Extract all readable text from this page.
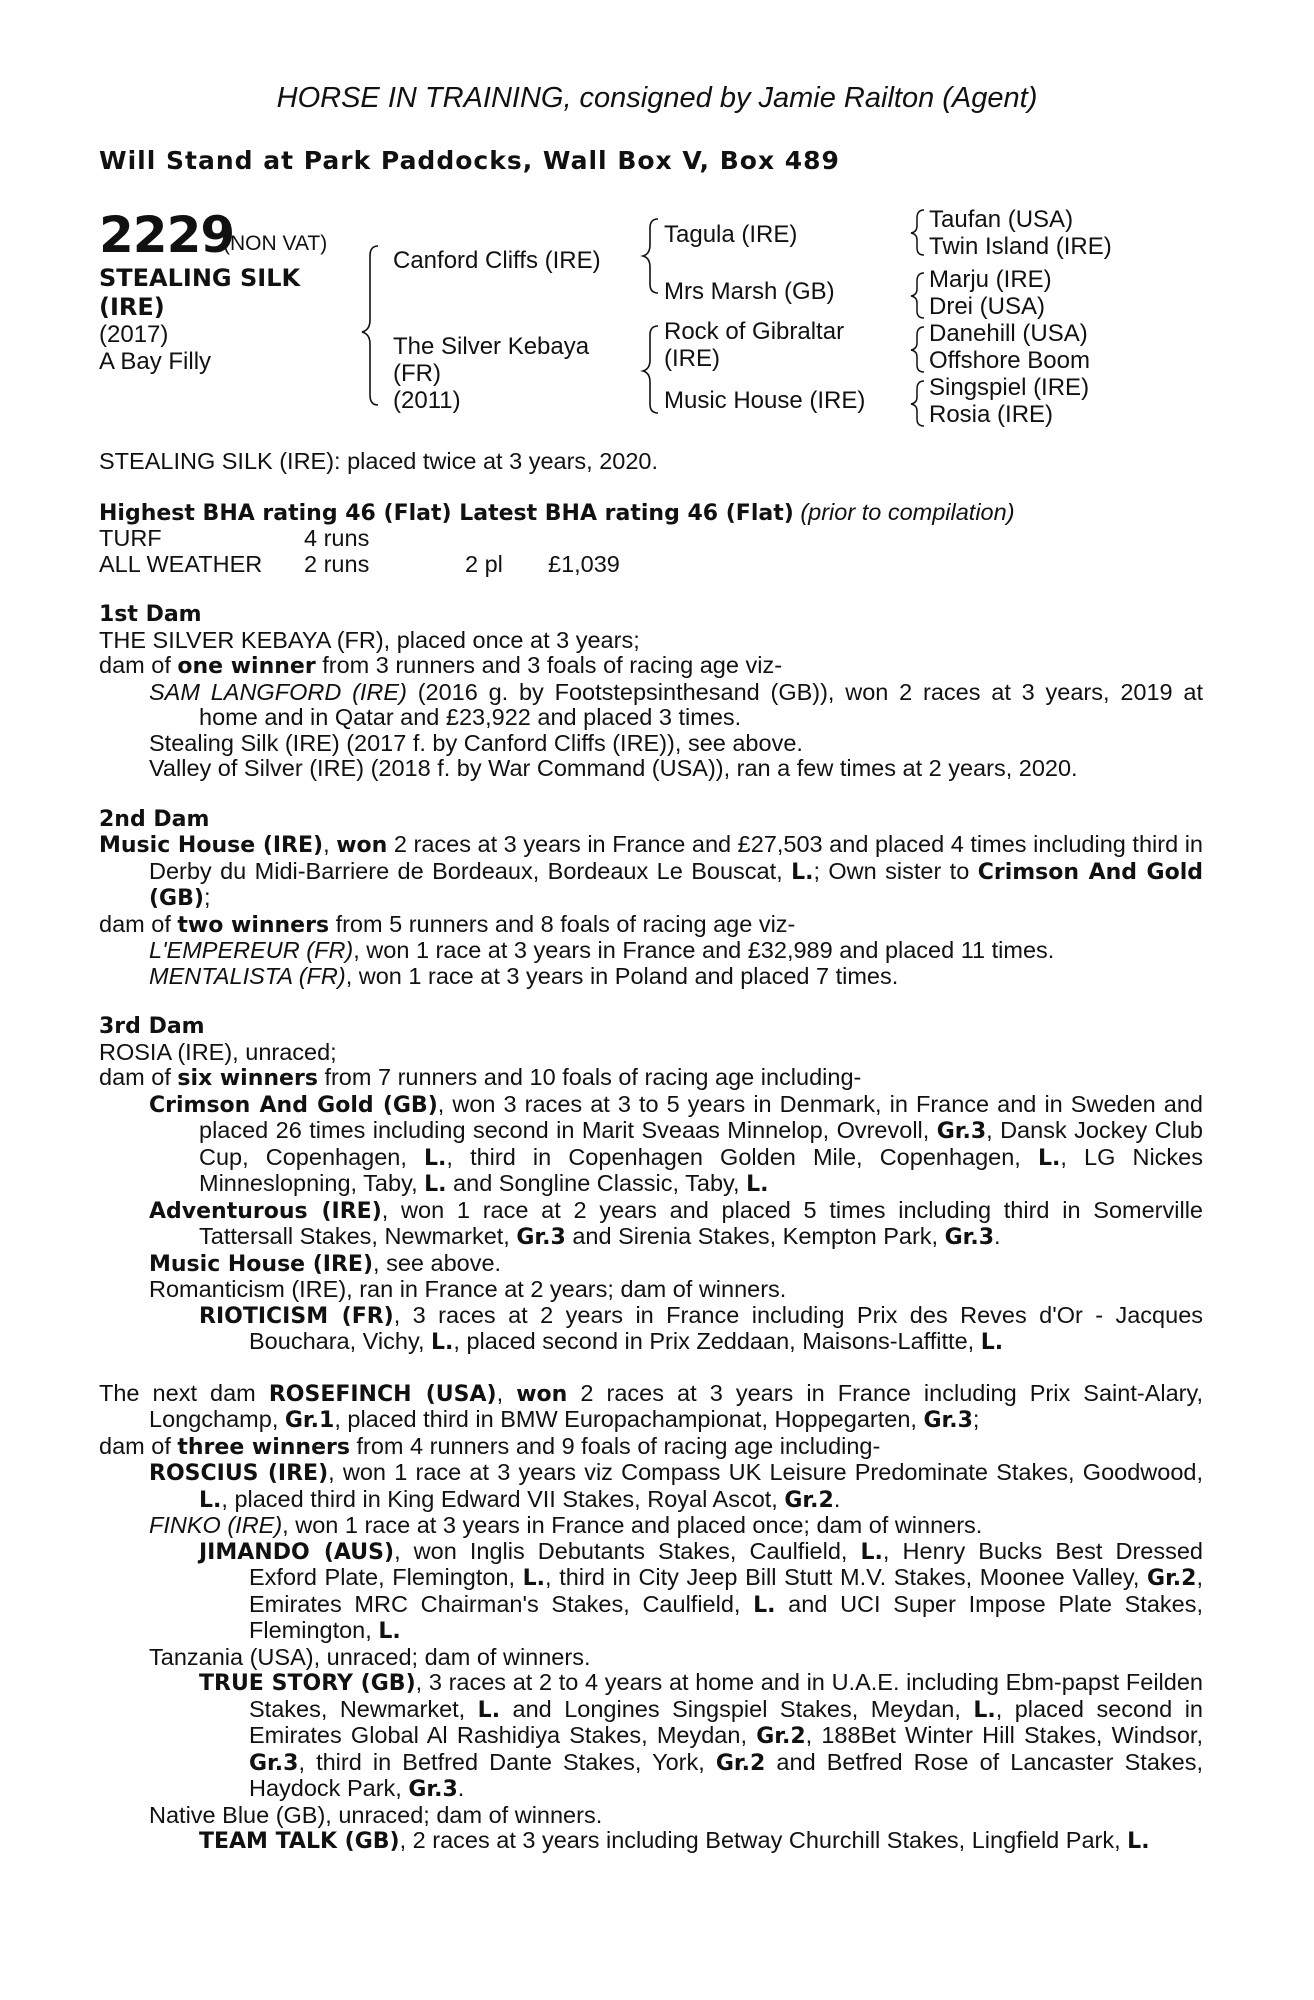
HORSE IN TRAINING, consigned by Jamie Railton (Agent)
Will Stand at Park Paddocks, Wall Box V, Box 489
2229
(NON VAT)
STEALING SILK
(IRE)
(2017)
A Bay Filly
Canford Cliffs (IRE)
The Silver Kebaya
(FR)
(2011)
Tagula (IRE)
Mrs Marsh (GB)
Rock of Gibraltar
(IRE)
Music House (IRE)
Taufan (USA)
Twin Island (IRE)
Marju (IRE)
Drei (USA)
Danehill (USA)
Offshore Boom
Singspiel (IRE)
Rosia (IRE)

STEALING SILK (IRE): placed twice at 3 years, 2020.

Highest BHA rating 46 (Flat) Latest BHA rating 46 (Flat) (prior to compilation)

TURF	4 runs

ALL WEATHER 2 runs	2 pl £1,039

1st Dam

THE SILVER KEBAYA (FR), placed once at 3 years;

dam of one winner from 3 runners and 3 foals of racing age viz-

SAM LANGFORD (IRE) (2016 g. by Footstepsinthesand (GB)), won 2 races at 3 years, 2019 at home and in Qatar and £23,922 and placed 3 times.

Stealing Silk (IRE) (2017 f. by Canford Cliffs (IRE)), see above.

Valley of Silver (IRE) (2018 f. by War Command (USA)), ran a few times at 2 years, 2020.

2nd Dam

Music House (IRE), won 2 races at 3 years in France and £27,503 and placed 4 times including third in Derby du Midi-Barriere de Bordeaux, Bordeaux Le Bouscat, L.; Own sister to Crimson And Gold (GB);

dam of two winners from 5 runners and 8 foals of racing age viz-

L'EMPEREUR (FR), won 1 race at 3 years in France and £32,989 and placed 11 times.

MENTALISTA (FR), won 1 race at 3 years in Poland and placed 7 times.

3rd Dam

ROSIA (IRE), unraced;

dam of six winners from 7 runners and 10 foals of racing age including-

Crimson And Gold (GB), won 3 races at 3 to 5 years in Denmark, in France and in Sweden and placed 26 times including second in Marit Sveaas Minnelop, Ovrevoll, Gr.3, Dansk Jockey Club Cup, Copenhagen, L., third in Copenhagen Golden Mile, Copenhagen, L., LG Nickes Minneslopning, Taby, L. and Songline Classic, Taby, L.

Adventurous (IRE), won 1 race at 2 years and placed 5 times including third in Somerville Tattersall Stakes, Newmarket, Gr.3 and Sirenia Stakes, Kempton Park, Gr.3.

Music House (IRE), see above.

Romanticism (IRE), ran in France at 2 years; dam of winners.

RIOTICISM (FR), 3 races at 2 years in France including Prix des Reves d'Or - Jacques Bouchara, Vichy, L., placed second in Prix Zeddaan, Maisons-Laffitte, L.

The next dam ROSEFINCH (USA), won 2 races at 3 years in France including Prix Saint-Alary, Longchamp, Gr.1, placed third in BMW Europachampionat, Hoppegarten, Gr.3;

dam of three winners from 4 runners and 9 foals of racing age including-

ROSCIUS (IRE), won 1 race at 3 years viz Compass UK Leisure Predominate Stakes, Goodwood, L., placed third in King Edward VII Stakes, Royal Ascot, Gr.2.

FINKO (IRE), won 1 race at 3 years in France and placed once; dam of winners.

JIMANDO (AUS), won Inglis Debutants Stakes, Caulfield, L., Henry Bucks Best Dressed Exford Plate, Flemington, L., third in City Jeep Bill Stutt M.V. Stakes, Moonee Valley, Gr.2, Emirates MRC Chairman's Stakes, Caulfield, L. and UCI Super Impose Plate Stakes, Flemington, L.

Tanzania (USA), unraced; dam of winners.

TRUE STORY (GB), 3 races at 2 to 4 years at home and in U.A.E. including Ebm-papst Feilden Stakes, Newmarket, L. and Longines Singspiel Stakes, Meydan, L., placed second in Emirates Global Al Rashidiya Stakes, Meydan, Gr.2, 188Bet Winter Hill Stakes, Windsor, Gr.3, third in Betfred Dante Stakes, York, Gr.2 and Betfred Rose of Lancaster Stakes, Haydock Park, Gr.3.

Native Blue (GB), unraced; dam of winners.

TEAM TALK (GB), 2 races at 3 years including Betway Churchill Stakes, Lingfield Park, L.
